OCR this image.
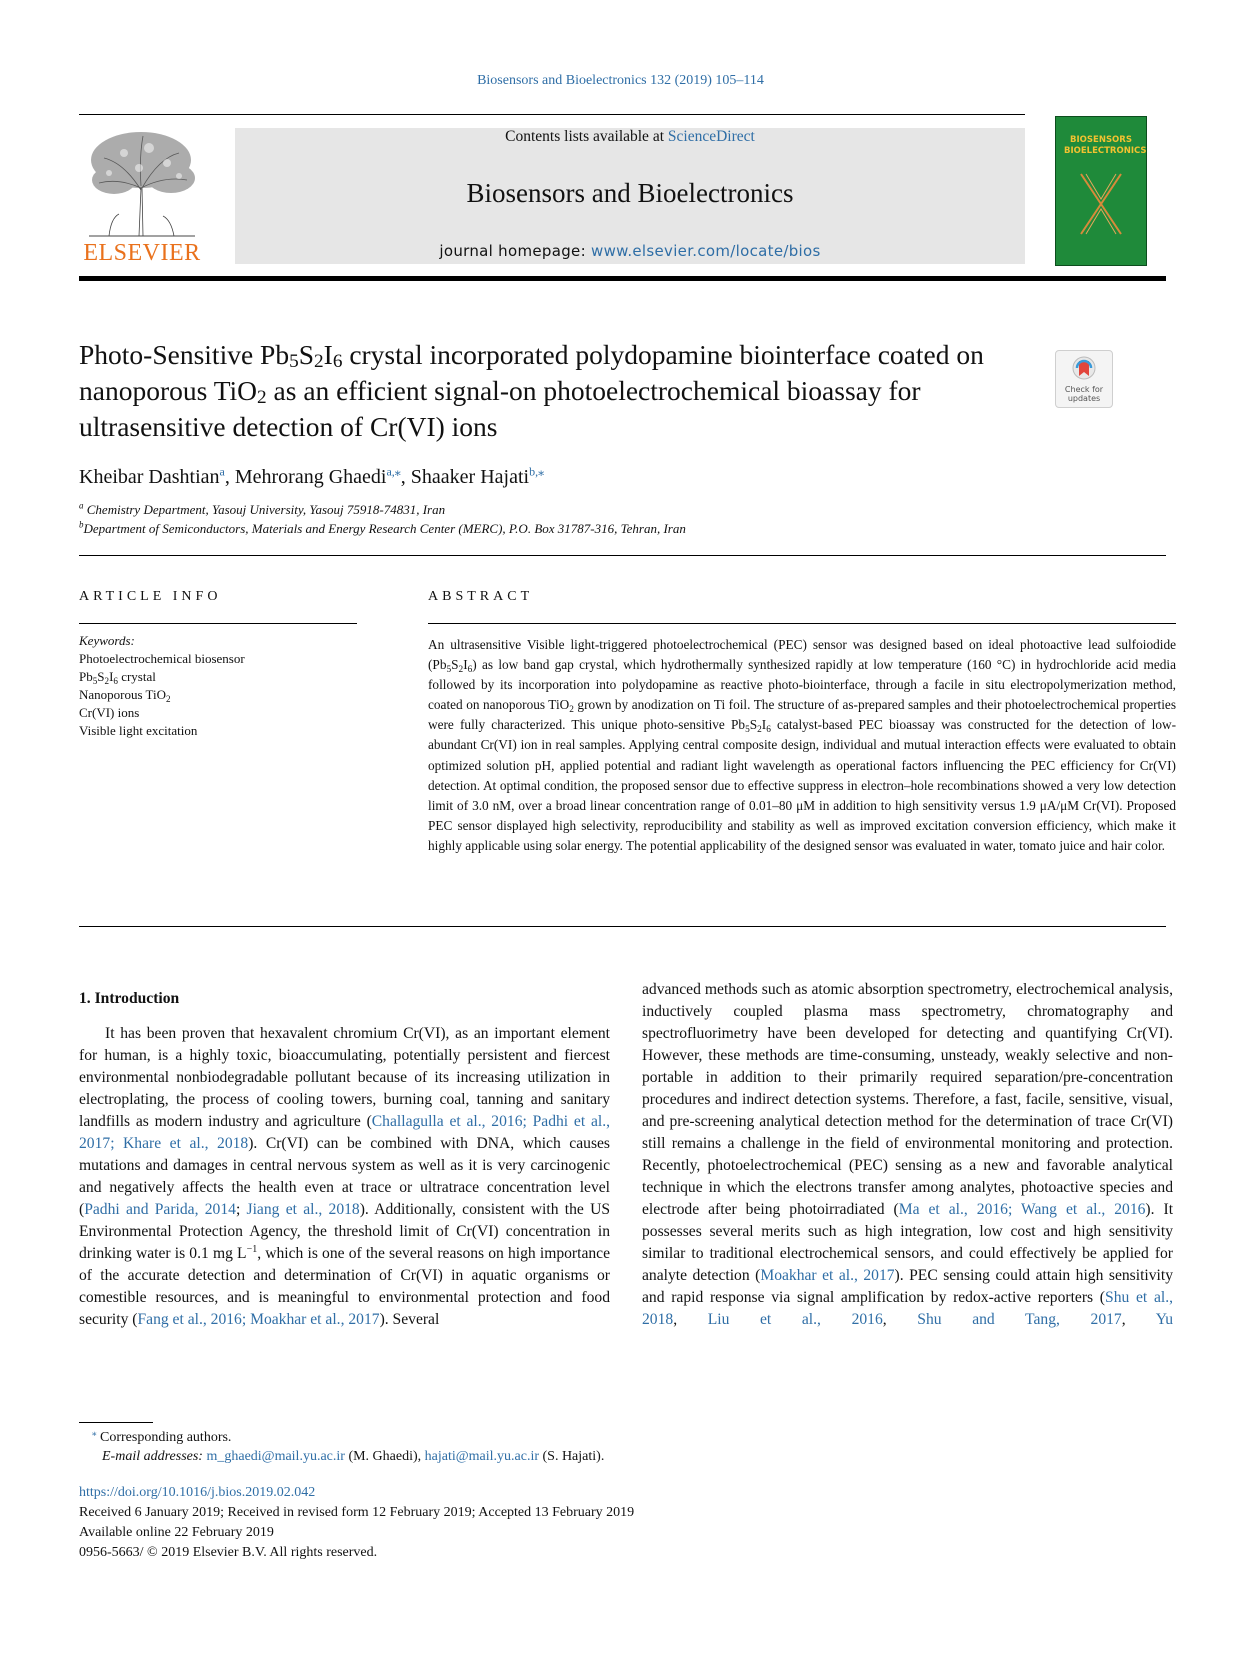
Biosensors and Bioelectronics 132 (2019) 105–114
ELSEVIER
Contents lists available at ScienceDirect
Biosensors and Bioelectronics
journal homepage: www.elsevier.com/locate/bios
BIOSENSORS BIOELECTRONICS
Photo-Sensitive $Pb_5S_2I_6$ crystal incorporated polydopamine biointerface coated on nanoporous TiO$_2$ as an efficient signal-on photoelectrochemical bioassay for ultrasensitive detection of Cr(VI) ions
Check for updates
Kheibar Dashtian$^a$, Mehrorang Ghaedi$^{a,⁎}$, Shaaker Hajati$^{b,⁎}$
$^a$ Chemistry Department, Yasouj University, Yasouj 75918-74831, Iran
$^b$Department of Semiconductors, Materials and Energy Research Center (MERC), P.O. Box 31787-316, Tehran, Iran
ARTICLE INFO
Keywords:
Photoelectrochemical biosensor
$Pb_5S_2I_6$ crystal
Nanoporous TiO$_2$
Cr(VI) ions
Visible light excitation
ABSTRACT
An ultrasensitive Visible light-triggered photoelectrochemical (PEC) sensor was designed based on ideal photoactive lead sulfoiodide $(Pb_5S_2I_6)$ as low band gap crystal, which hydrothermally synthesized rapidly at low temperature (160 °C) in hydrochloride acid media followed by its incorporation into polydopamine as reactive photo-biointerface, through a facile in situ electropolymerization method, coated on nanoporous TiO$_2$ grown by anodization on Ti foil. The structure of as-prepared samples and their photoelectrochemical properties were fully characterized. This unique photo-sensitive $Pb_5S_2I_6$ catalyst-based PEC bioassay was constructed for the detection of low-abundant Cr(VI) ion in real samples. Applying central composite design, individual and mutual interaction effects were evaluated to obtain optimized solution pH, applied potential and radiant light wavelength as operational factors influencing the PEC efficiency for Cr(VI) detection. At optimal condition, the proposed sensor due to effective suppress in electron–hole recombinations showed a very low detection limit of 3.0 nM, over a broad linear concentration range of 0.01–80 μM in addition to high sensitivity versus 1.9 μA/μM Cr(VI). Proposed PEC sensor displayed high selectivity, reproducibility and stability as well as improved excitation conversion efficiency, which make it highly applicable using solar energy. The potential applicability of the designed sensor was evaluated in water, tomato juice and hair color.
1. Introduction

It has been proven that hexavalent chromium Cr(VI), as an important element for human, is a highly toxic, bioaccumulating, potentially persistent and fiercest environmental nonbiodegradable pollutant because of its increasing utilization in electroplating, the process of cooling towers, burning coal, tanning and sanitary landfills as modern industry and agriculture (Challagulla et al., 2016; Padhi et al., 2017; Khare et al., 2018). Cr(VI) can be combined with DNA, which causes mutations and damages in central nervous system as well as it is very carcinogenic and negatively affects the health even at trace or ultratrace concentration level (Padhi and Parida, 2014; Jiang et al., 2018). Additionally, consistent with the US Environmental Protection Agency, the threshold limit of Cr(VI) concentration in drinking water is 0.1 mg $L^{-1}$, which is one of the several reasons on high importance of the accurate detection and determination of Cr(VI) in aquatic organisms or comestible resources, and is meaningful to environmental protection and food security (Fang et al., 2016; Moakhar et al., 2017). Several

advanced methods such as atomic absorption spectrometry, electrochemical analysis, inductively coupled plasma mass spectrometry, chromatography and spectrofluorimetry have been developed for detecting and quantifying Cr(VI). However, these methods are time-consuming, unsteady, weakly selective and non-portable in addition to their primarily required separation/pre-concentration procedures and indirect detection systems. Therefore, a fast, facile, sensitive, visual, and pre-screening analytical detection method for the determination of trace Cr(VI) still remains a challenge in the field of environmental monitoring and protection. Recently, photoelectrochemical (PEC) sensing as a new and favorable analytical technique in which the electrons transfer among analytes, photoactive species and electrode after being photoirradiated (Ma et al., 2016; Wang et al., 2016). It possesses several merits such as high integration, low cost and high sensitivity similar to traditional electrochemical sensors, and could effectively be applied for analyte detection (Moakhar et al., 2017). PEC sensing could attain high sensitivity and rapid response via signal amplification by redox-active reporters (Shu et al., 2018, Liu et al., 2016, Shu and Tang, 2017, Yu

⁎ Corresponding authors.
E-mail addresses: m_ghaedi@mail.yu.ac.ir (M. Ghaedi), hajati@mail.yu.ac.ir (S. Hajati).
https://doi.org/10.1016/j.bios.2019.02.042
Received 6 January 2019; Received in revised form 12 February 2019; Accepted 13 February 2019
Available online 22 February 2019
0956-5663/ © 2019 Elsevier B.V. All rights reserved.
